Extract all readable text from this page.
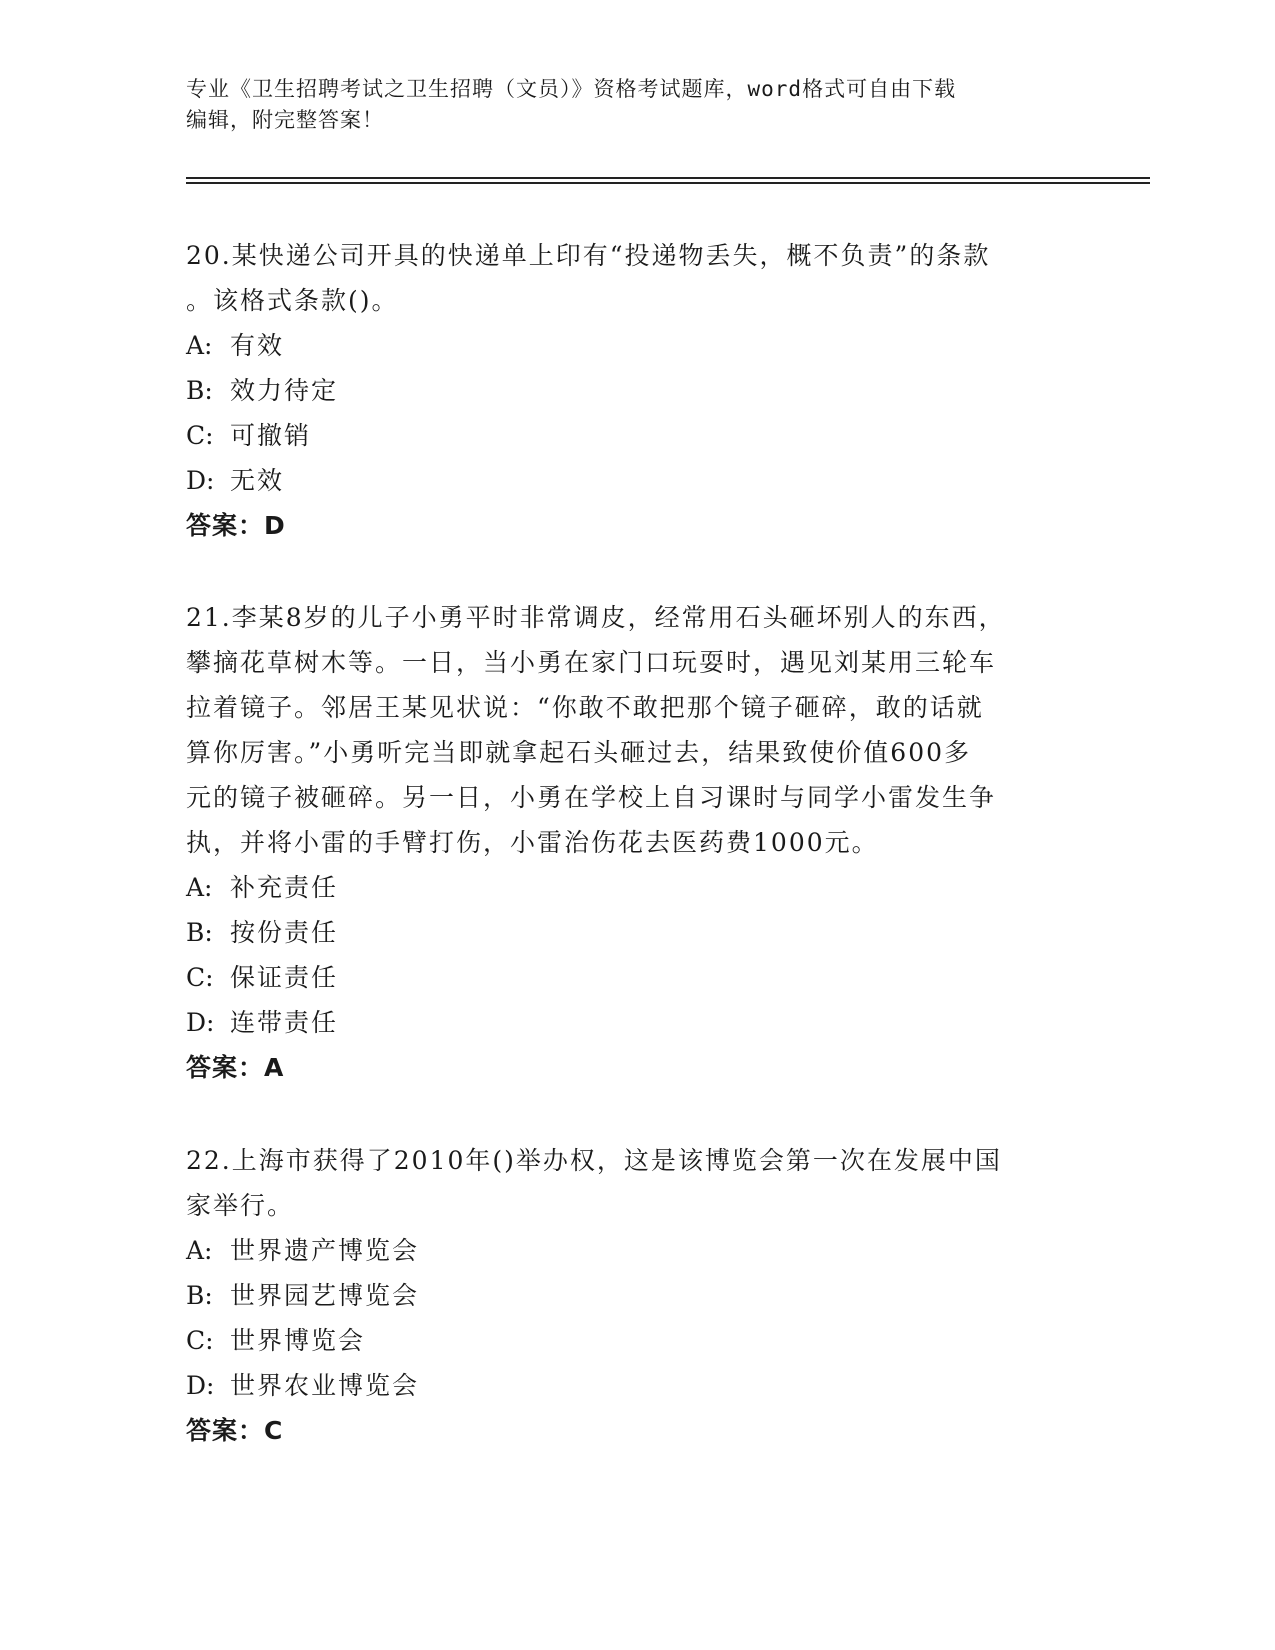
专业《卫生招聘考试之卫生招聘（文员）》资格考试题库，word格式可自由下载
编辑，附完整答案！
20.某快递公司开具的快递单上印有“投递物丢失，概不负责”的条款
。该格式条款()。
A: 有效
B: 效力待定
C: 可撤销
D: 无效
答案：D
21.李某8岁的儿子小勇平时非常调皮，经常用石头砸坏别人的东西，
攀摘花草树木等。一日，当小勇在家门口玩耍时，遇见刘某用三轮车
拉着镜子。邻居王某见状说：“你敢不敢把那个镜子砸碎，敢的话就
算你厉害。”小勇听完当即就拿起石头砸过去，结果致使价值600多
元的镜子被砸碎。另一日，小勇在学校上自习课时与同学小雷发生争
执，并将小雷的手臂打伤，小雷治伤花去医药费1000元。
A: 补充责任
B: 按份责任
C: 保证责任
D: 连带责任
答案：A
22.上海市获得了2010年()举办权，这是该博览会第一次在发展中国
家举行。
A: 世界遗产博览会
B: 世界园艺博览会
C: 世界博览会
D: 世界农业博览会
答案：C
